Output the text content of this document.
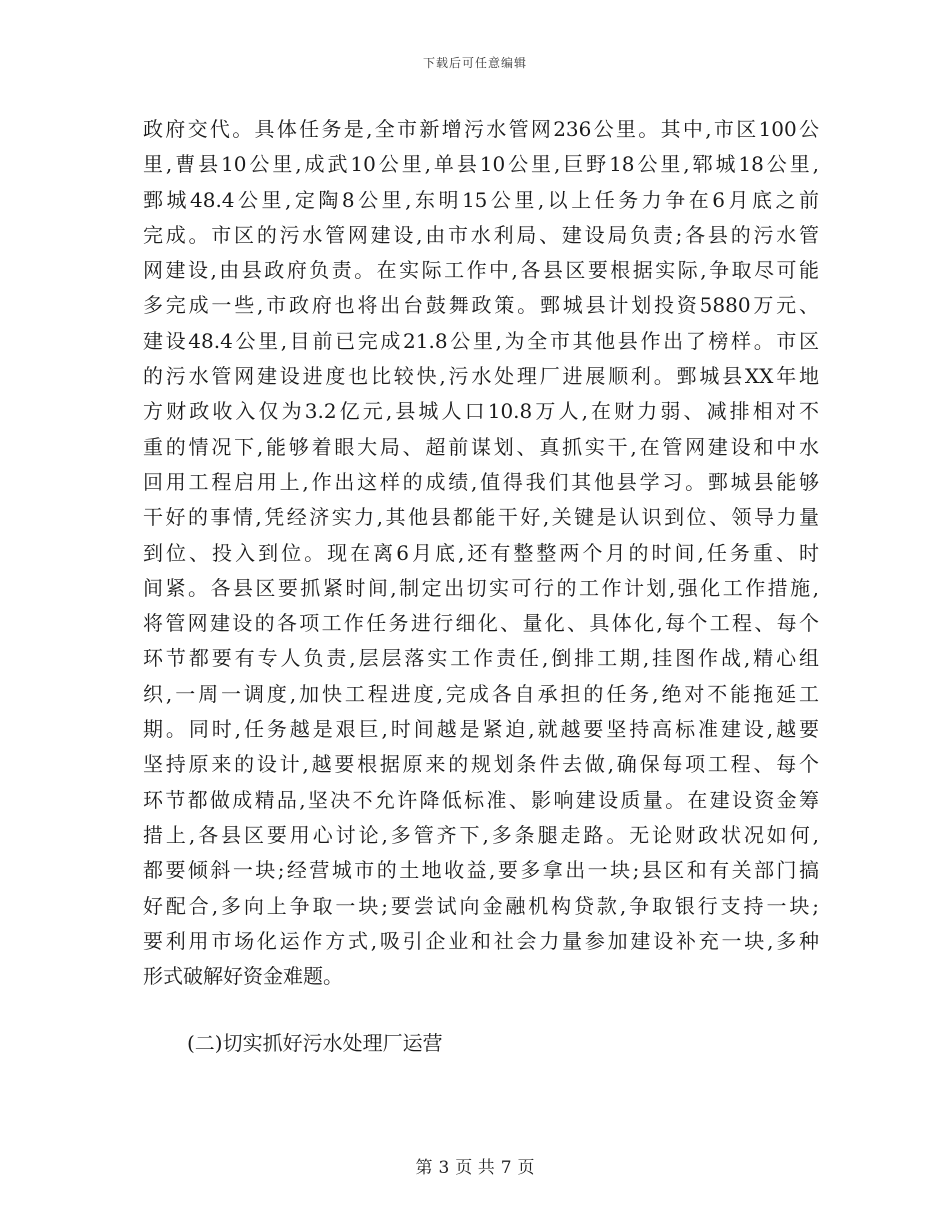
下载后可任意编辑
政府交代。具体任务是,全市新增污水管网236公里。其中,市区100公
里,曹县10公里,成武10公里,单县10公里,巨野18公里,郓城18公里,
鄄城48.4公里,定陶8公里,东明15公里,以上任务力争在6月底之前
完成。市区的污水管网建设,由市水利局、建设局负责;各县的污水管
网建设,由县政府负责。在实际工作中,各县区要根据实际,争取尽可能
多完成一些,市政府也将出台鼓舞政策。鄄城县计划投资5880万元、
建设48.4公里,目前已完成21.8公里,为全市其他县作出了榜样。市区
的污水管网建设进度也比较快,污水处理厂进展顺利。鄄城县XX年地
方财政收入仅为3.2亿元,县城人口10.8万人,在财力弱、减排相对不
重的情况下,能够着眼大局、超前谋划、真抓实干,在管网建设和中水
回用工程启用上,作出这样的成绩,值得我们其他县学习。鄄城县能够
干好的事情,凭经济实力,其他县都能干好,关键是认识到位、领导力量
到位、投入到位。现在离6月底,还有整整两个月的时间,任务重、时
间紧。各县区要抓紧时间,制定出切实可行的工作计划,强化工作措施,
将管网建设的各项工作任务进行细化、量化、具体化,每个工程、每个
环节都要有专人负责,层层落实工作责任,倒排工期,挂图作战,精心组
织,一周一调度,加快工程进度,完成各自承担的任务,绝对不能拖延工
期。同时,任务越是艰巨,时间越是紧迫,就越要坚持高标准建设,越要
坚持原来的设计,越要根据原来的规划条件去做,确保每项工程、每个
环节都做成精品,坚决不允许降低标准、影响建设质量。在建设资金筹
措上,各县区要用心讨论,多管齐下,多条腿走路。无论财政状况如何,
都要倾斜一块;经营城市的土地收益,要多拿出一块;县区和有关部门搞
好配合,多向上争取一块;要尝试向金融机构贷款,争取银行支持一块;
要利用市场化运作方式,吸引企业和社会力量参加建设补充一块,多种
形式破解好资金难题。
(二)切实抓好污水处理厂运营
第 3 页 共 7 页
